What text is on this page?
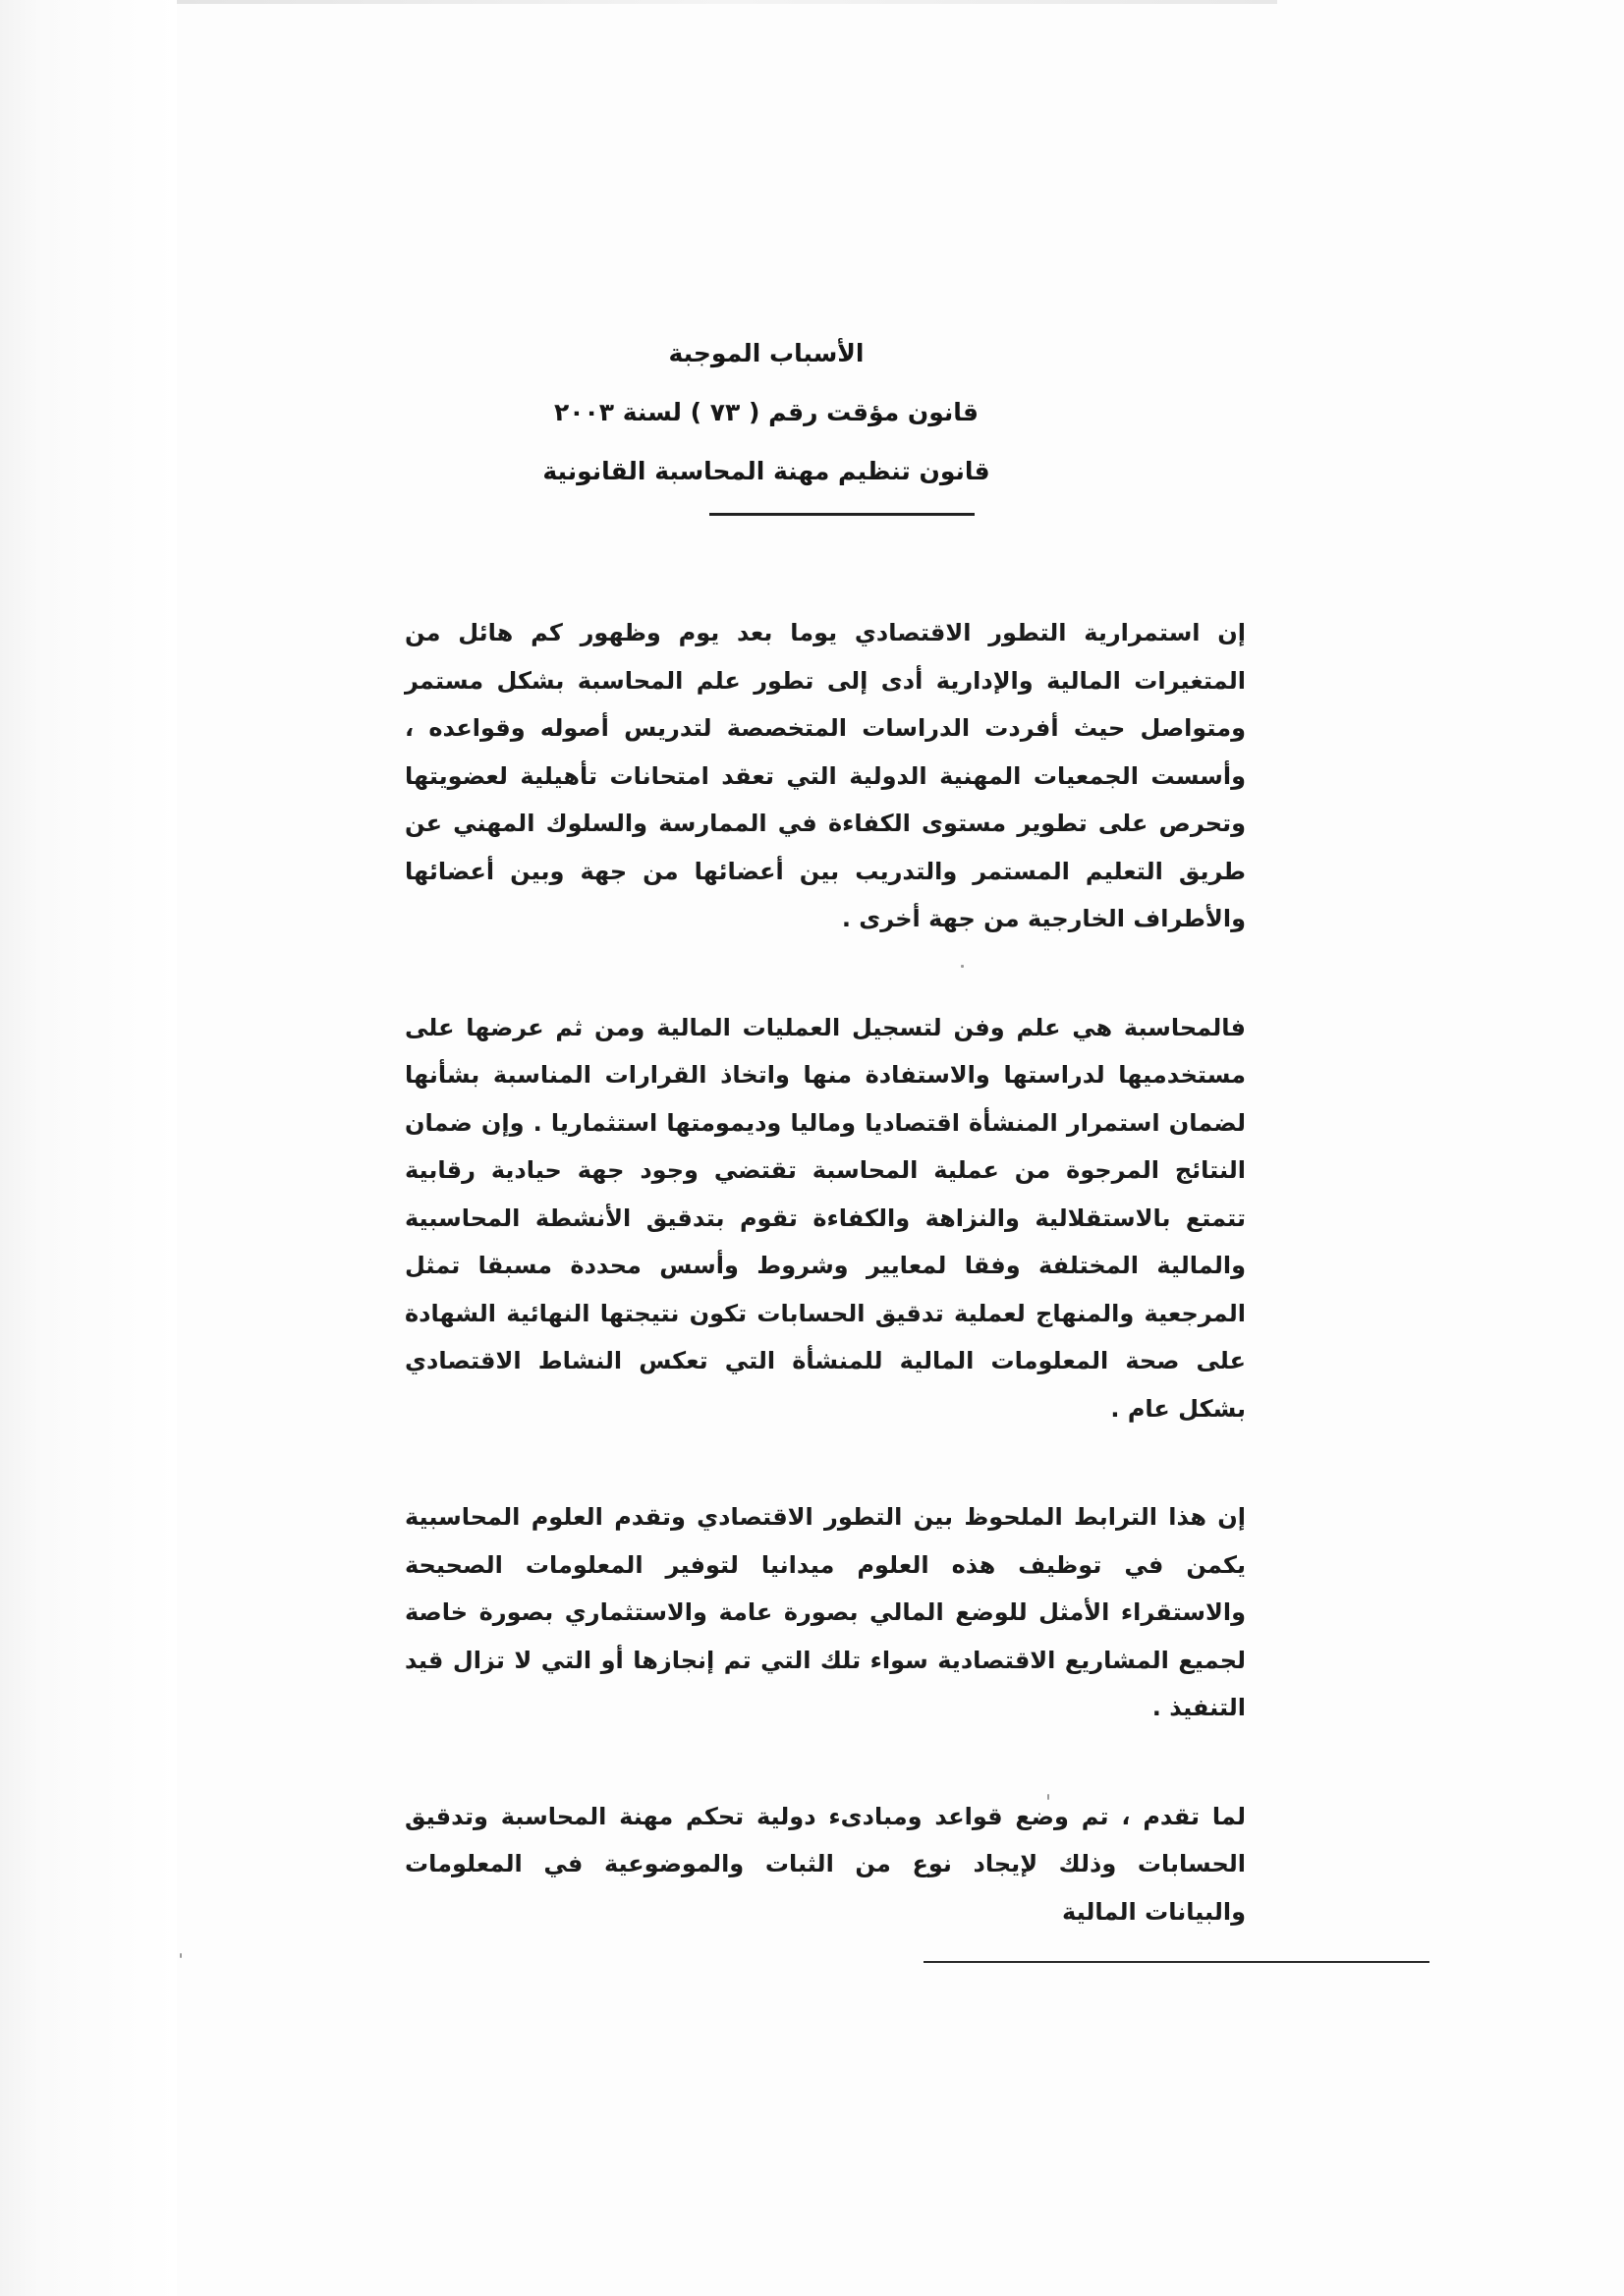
الأسباب الموجبة
قانون مؤقت رقم ( ٧٣ ) لسنة ٢٠٠٣
قانون تنظيم مهنة المحاسبة القانونية

إن استمرارية التطور الاقتصادي يوما بعد يوم وظهور كم هائل من المتغيرات المالية والإدارية أدى إلى تطور علم المحاسبة بشكل مستمر ومتواصل حيث أفردت الدراسات المتخصصة لتدريس أصوله وقواعده ، وأسست الجمعيات المهنية الدولية التي تعقد امتحانات تأهيلية لعضويتها وتحرص على تطوير مستوى الكفاءة في الممارسة والسلوك المهني عن طريق التعليم المستمر والتدريب بين أعضائها من جهة وبين أعضائها والأطراف الخارجية من جهة أخرى .

فالمحاسبة هي علم وفن لتسجيل العمليات المالية ومن ثم عرضها على مستخدميها لدراستها والاستفادة منها واتخاذ القرارات المناسبة بشأنها لضمان استمرار المنشأة اقتصاديا وماليا وديمومتها استثماريا . وإن ضمان النتائج المرجوة من عملية المحاسبة تقتضي وجود جهة حيادية رقابية تتمتع بالاستقلالية والنزاهة والكفاءة تقوم بتدقيق الأنشطة المحاسبية والمالية المختلفة وفقا لمعايير وشروط وأسس محددة مسبقا تمثل المرجعية والمنهاج لعملية تدقيق الحسابات تكون نتيجتها النهائية الشهادة على صحة المعلومات المالية للمنشأة التي تعكس النشاط الاقتصادي بشكل عام .

إن هذا الترابط الملحوظ بين التطور الاقتصادي وتقدم العلوم المحاسبية يكمن في توظيف هذه العلوم ميدانيا لتوفير المعلومات الصحيحة والاستقراء الأمثل للوضع المالي بصورة عامة والاستثماري بصورة خاصة لجميع المشاريع الاقتصادية سواء تلك التي تم إنجازها أو التي لا تزال قيد التنفيذ .

لما تقدم ، تم وضع قواعد ومبادىء دولية تحكم مهنة المحاسبة وتدقيق الحسابات وذلك لإيجاد نوع من الثبات والموضوعية في المعلومات والبيانات المالية
